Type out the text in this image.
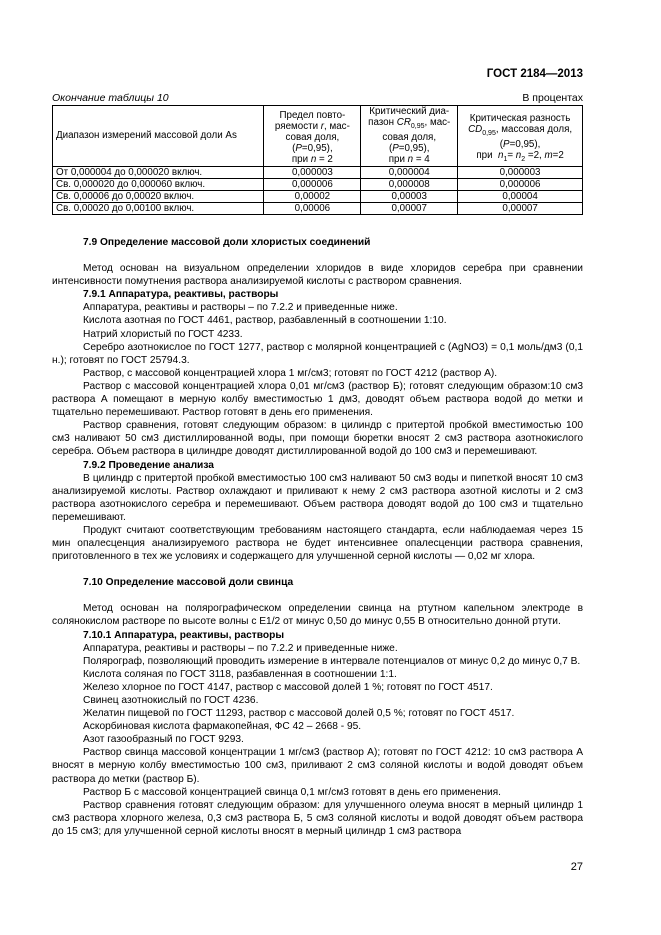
ГОСТ 2184—2013
Окончание таблицы 10	В процентах
Диапазон измерений массовой доли As	Предел повто-
ряемости r, мас-
совая доля,
(P=0,95),
при n = 2	Критический диа-
пазон $CR_{0,95}$, мас-
совая доля,
(P=0,95),
при n = 4	Критическая разность
$CD_{0,95}$, массовая доля,
(P=0,95),
при  $n_1= n_2 =2$, m=2
От 0,000004 до 0,000020 включ.	0,000003	0,000004	0,000003
Св. 0,000020 до 0,000060 включ.	0,000006	0,000008	0,000006
Св. 0,00006 до 0,00020 включ.	0,00002	0,00003	0,00004
Св. 0,00020 до 0,00100 включ.	0,00006	0,00007	0,00007

7.9 Определение массовой доли хлористых соединений

Метод основан на визуальном определении хлоридов в виде хлоридов серебра при сравнении интенсивности помутнения раствора анализируемой кислоты с раствором сравнения.

7.9.1 Аппаратура, реактивы, растворы

Аппаратура, реактивы и растворы – по 7.2.2 и приведенные ниже.

Кислота азотная по ГОСТ 4461, раствор, разбавленный в соотношении 1:10.

Натрий хлористый по ГОСТ 4233.

Серебро азотнокислое по ГОСТ 1277, раствор с молярной концентрацией c (AgNO3) = 0,1 моль/дм3 (0,1 н.); готовят по ГОСТ 25794.3.

Раствор, с массовой концентрацией хлора 1 мг/см3; готовят по ГОСТ 4212 (раствор А).

Раствор с массовой концентрацией хлора 0,01 мг/см3 (раствор Б); готовят следующим образом:10 см3 раствора А помещают в мерную колбу вместимостью 1 дм3, доводят объем раствора водой до метки и тщательно перемешивают. Раствор готовят в день его применения.

Раствор сравнения, готовят следующим образом: в цилиндр с притертой пробкой вместимостью 100 см3 наливают 50 см3 дистиллированной воды, при помощи бюретки вносят 2 см3 раствора азотнокислого серебра. Объем раствора в цилиндре доводят дистиллированной водой до 100 см3 и перемешивают.

7.9.2 Проведение анализа

В цилиндр с притертой пробкой вместимостью 100 см3 наливают 50 см3 воды и пипеткой вносят 10 см3 анализируемой кислоты. Раствор охлаждают и приливают к нему 2 см3 раствора азотной кислоты и 2 см3 раствора азотнокислого серебра и перемешивают. Объем раствора доводят водой до 100 см3 и тщательно перемешивают.

Продукт считают соответствующим требованиям настоящего стандарта, если наблюдаемая через 15 мин опалесценция анализируемого раствора не будет интенсивнее опалесценции раствора сравнения, приготовленного в тех же условиях и содержащего для улучшенной серной кислоты — 0,02 мг хлора.

7.10 Определение массовой доли свинца

Метод основан на полярографическом определении свинца на ртутном капельном электроде в солянокислом растворе по высоте волны с E1/2 от минус 0,50 до минус 0,55 В относительно донной ртути.

7.10.1 Аппаратура, реактивы, растворы

Аппаратура, реактивы и растворы – по 7.2.2 и приведенные ниже.

Полярограф, позволяющий проводить измерение в интервале потенциалов от минус 0,2 до минус 0,7 В.

Кислота соляная по ГОСТ 3118, разбавленная в соотношении 1:1.

Железо хлорное по ГОСТ 4147, раствор с массовой долей 1 %; готовят по ГОСТ 4517.

Свинец азотнокислый по ГОСТ 4236.

Желатин пищевой по ГОСТ 11293, раствор с массовой долей 0,5 %; готовят по ГОСТ 4517.

Аскорбиновая кислота фармакопейная, ФС 42 – 2668 - 95.

Азот газообразный по ГОСТ 9293.

Раствор свинца массовой концентрации 1 мг/см3 (раствор А); готовят по ГОСТ 4212: 10 см3 раствора А вносят в мерную колбу вместимостью 100 см3, приливают 2 см3 соляной кислоты и водой доводят объем раствора до метки (раствор Б).

Раствор Б с массовой концентрацией свинца 0,1 мг/см3 готовят в день его применения.

Раствор сравнения готовят следующим образом: для улучшенного олеума вносят в мерный цилиндр 1 см3 раствора хлорного железа, 0,3 см3 раствора Б, 5 см3 соляной кислоты и водой доводят объем раствора до 15 см3; для улучшенной серной кислоты вносят в мерный цилиндр 1 см3 раствора

27
